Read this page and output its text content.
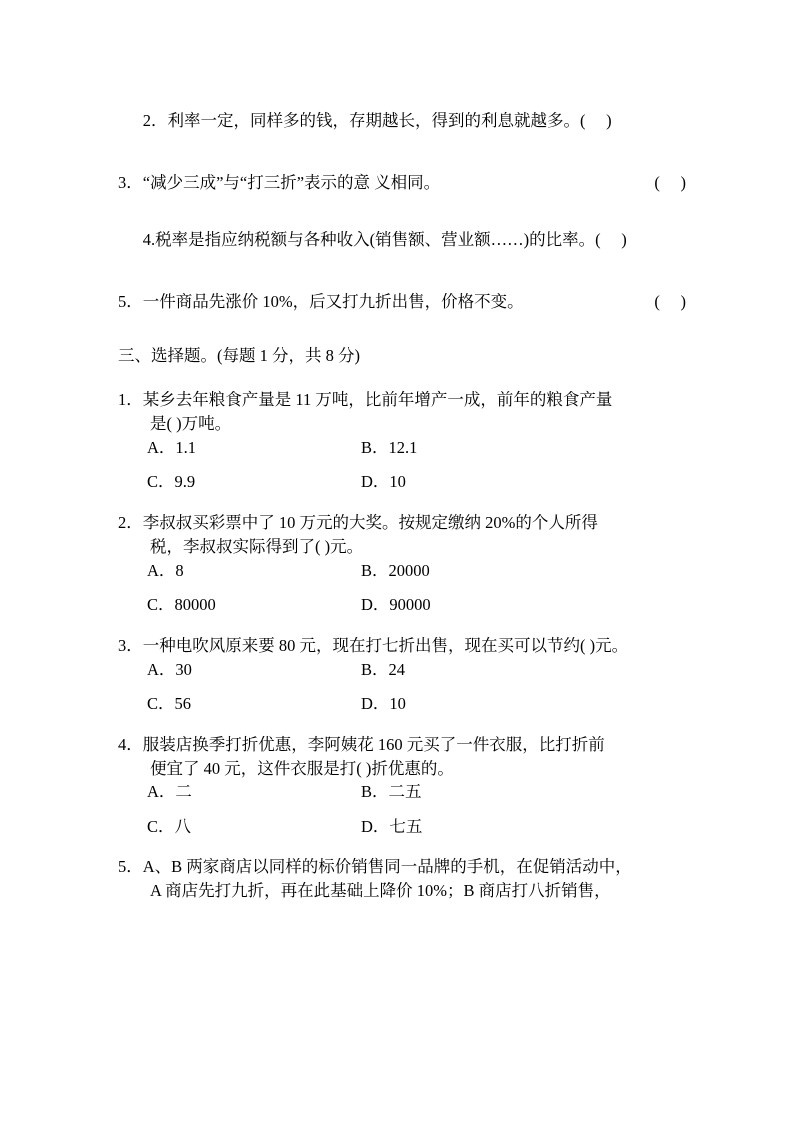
2．利率一定，同样多的钱，存期越长，得到的利息就越多。( )

3． “减少三成”与“打三折”表示的意 义相同。	(
)

4.税率是指应纳税额与各种收入(销售额、营业额……)的比率。( )

5． 一件商品先涨价 10%，后又打九折出售，价格不变。	(
)
三、选择题。(每题 1 分，共 8 分)
1．某乡去年粮食产量是 11 万吨，比前年增产一成，前年的粮食产量
是( )万吨。
A．1.1	B．12.1
C．9.9	D．10
2．李叔叔买彩票中了 10 万元的大奖。按规定缴纳 20%的个人所得
税，李叔叔实际得到了( )元。
A．8	B．20000
C．80000	D．90000
3．一种电吹风原来要 80 元，现在打七折出售，现在买可以节约( )元。
A．30	B．24
C．56	D．10
4．服装店换季打折优惠，李阿姨花 160 元买了一件衣服，比打折前
便宜了 40 元，这件衣服是打( )折优惠的。
A．二	B．二五
C．八	D．七五
5．A、B 两家商店以同样的标价销售同一品牌的手机，在促销活动中，
A 商店先打九折，再在此基础上降价 10%；B 商店打八折销售，
